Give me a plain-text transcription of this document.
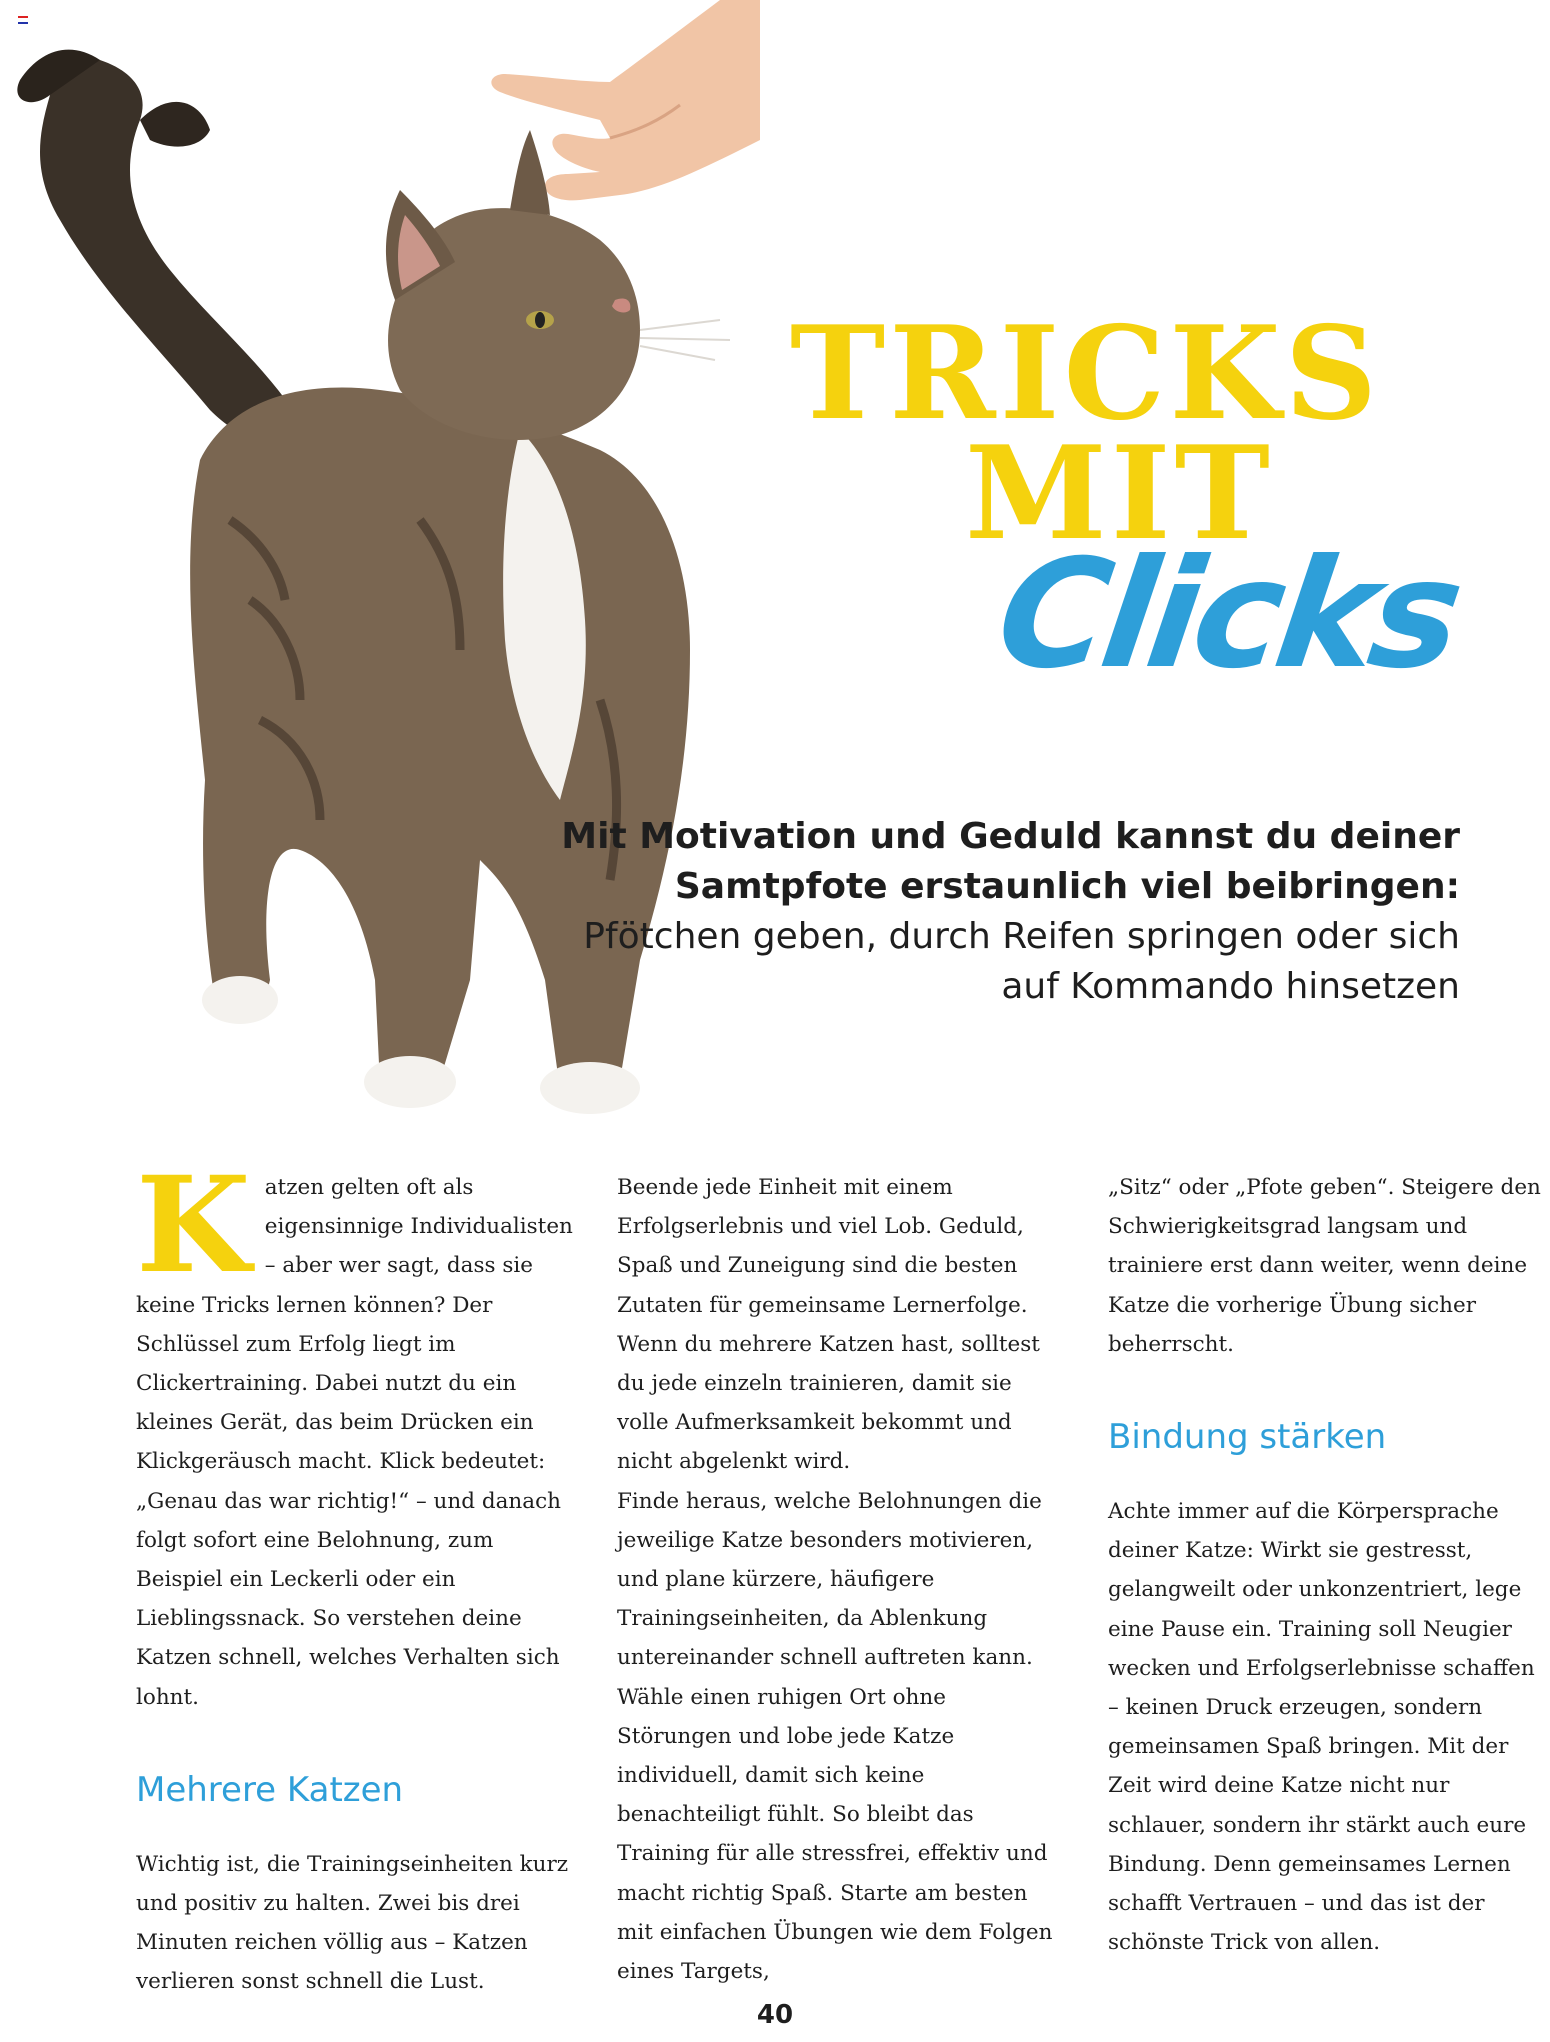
TRICKS
MIT
Clicks
Mit Motivation und Geduld kannst du deiner
Samtpfote erstaunlich viel beibringen:
Pfötchen geben, durch Reifen springen oder sich
auf Kommando hinsetzen

Katzen gelten oft als eigensinnige Individualisten – aber wer sagt, dass sie keine Tricks lernen können? Der Schlüssel zum Erfolg liegt im Clickertraining. Dabei nutzt du ein kleines Gerät, das beim Drücken ein Klickgeräusch macht. Klick bedeutet: „Genau das war richtig!“ – und danach folgt sofort eine Belohnung, zum Beispiel ein Leckerli oder ein Lieblingssnack. So verstehen deine Katzen schnell, welches Verhalten sich lohnt.

Mehrere Katzen

Wichtig ist, die Trainingseinheiten kurz und positiv zu halten. Zwei bis drei Minuten reichen völlig aus – Katzen verlieren sonst schnell die Lust.

Beende jede Einheit mit einem Erfolgserlebnis und viel Lob. Geduld, Spaß und Zuneigung sind die besten Zutaten für gemeinsame Lernerfolge. Wenn du mehrere Katzen hast, solltest du jede einzeln trainieren, damit sie volle Aufmerksamkeit bekommt und nicht abgelenkt wird.

Finde heraus, welche Belohnungen die jeweilige Katze besonders motivieren, und plane kürzere, häufigere Trainingseinheiten, da Ablenkung untereinander schnell auftreten kann. Wähle einen ruhigen Ort ohne Störungen und lobe jede Katze individuell, damit sich keine benachteiligt fühlt. So bleibt das Training für alle stressfrei, effektiv und macht richtig Spaß. Starte am besten mit einfachen Übungen wie dem Folgen eines Targets,

„Sitz“ oder „Pfote geben“. Steigere den Schwierigkeitsgrad langsam und trainiere erst dann weiter, wenn deine Katze die vorherige Übung sicher beherrscht.

Bindung stärken

Achte immer auf die Körpersprache deiner Katze: Wirkt sie gestresst, gelangweilt oder unkonzentriert, lege eine Pause ein. Training soll Neugier wecken und Erfolgserlebnisse schaffen – keinen Druck erzeugen, sondern gemeinsamen Spaß bringen. Mit der Zeit wird deine Katze nicht nur schlauer, sondern ihr stärkt auch eure Bindung. Denn gemeinsames Lernen schafft Vertrauen – und das ist der schönste Trick von allen.

40
